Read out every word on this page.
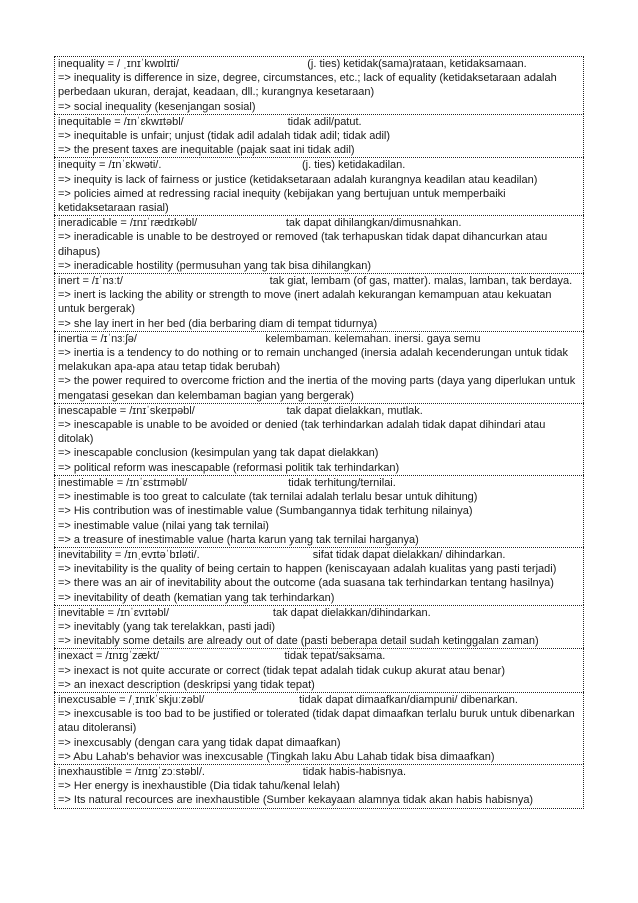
inequality = / ˌɪnɪˈkwɒlɪti/                                          (j. ties) ketidak(sama)rataan, ketidaksamaan.
=> inequality is difference in size, degree, circumstances, etc.; lack of equality (ketidaksetaraan adalah perbedaan ukuran, derajat, keadaan, dll.; kurangnya kesetaraan)
=> social inequality (kesenjangan sosial)
inequitable = /ɪnˈɛkwɪtəbl/                                  tidak adil/patut.
=> inequitable is unfair; unjust (tidak adil adalah tidak adil; tidak adil)
=> the present taxes are inequitable (pajak saat ini tidak adil)
inequity = /ɪnˈɛkwəti/.                                              (j. ties) ketidakadilan.
=> inequity is lack of fairness or justice (ketidaksetaraan adalah kurangnya keadilan atau keadilan)
=> policies aimed at redressing racial inequity (kebijakan yang bertujuan untuk memperbaiki ketidaksetaraan rasial)
ineradicable = /ɪnɪˈrædɪkəbl/                             tak dapat dihilangkan/dimusnahkan.
=> ineradicable is unable to be destroyed or removed (tak terhapuskan tidak dapat dihancurkan atau dihapus)
=> ineradicable hostility (permusuhan yang tak bisa dihilangkan)
inert = /ɪˈnɜːt/                                                tak giat, lembam (of gas, matter). malas, lamban, tak berdaya.
=> inert is lacking the ability or strength to move (inert adalah kekurangan kemampuan atau kekuatan untuk bergerak)
=> she lay inert in her bed (dia berbaring diam di tempat tidurnya)
inertia = /ɪˈnɜːʃə/                                          kelembaman. kelemahan. inersi. gaya semu
=> inertia is a tendency to do nothing or to remain unchanged (inersia adalah kecenderungan untuk tidak melakukan apa-apa atau tetap tidak berubah)
=> the power required to overcome friction and the inertia of the moving parts (daya yang diperlukan untuk mengatasi gesekan dan kelembaman bagian yang bergerak)
inescapable = /ɪnɪˈskeɪpəbl/                              tak dapat dielakkan, mutlak.
=> inescapable is unable to be avoided or denied (tak terhindarkan adalah tidak dapat dihindari atau ditolak)
=> inescapable conclusion (kesimpulan yang tak dapat dielakkan)
=> political reform was inescapable (reformasi politik tak terhindarkan)
inestimable = /ɪnˈɛstɪməbl/                                 tidak terhitung/ternilai.
=> inestimable is too great to calculate (tak ternilai adalah terlalu besar untuk dihitung)
=> His contribution was of inestimable value (Sumbangannya tidak terhitung nilainya)
=> inestimable value (nilai yang tak ternilai)
=> a treasure of inestimable value (harta karun yang tak ternilai harganya)
inevitability = /ɪnˌevɪtəˈbɪləti/.                                     sifat tidak dapat dielakkan/ dihindarkan.
=> inevitability is the quality of being certain to happen (keniscayaan adalah kualitas yang pasti terjadi)
=> there was an air of inevitability about the outcome (ada suasana tak terhindarkan tentang hasilnya)
=> inevitability of death (kematian yang tak terhindarkan)
inevitable = /ɪnˈɛvɪtəbl/                                  tak dapat dielakkan/dihindarkan.
=> inevitably (yang tak terelakkan, pasti jadi)
=> inevitably some details are already out of date (pasti beberapa detail sudah ketinggalan zaman)
inexact = /ɪnɪɡˈzækt/                                         tidak tepat/saksama.
=> inexact is not quite accurate or correct (tidak tepat adalah tidak cukup akurat atau benar)
=> an inexact description (deskripsi yang tidak tepat)
inexcusable = /ˌɪnɪkˈskjuːzəbl/                               tidak dapat dimaafkan/diampuni/ dibenarkan.
=> inexcusable is too bad to be justified or tolerated (tidak dapat dimaafkan terlalu buruk untuk dibenarkan atau ditoleransi)
=> inexcusably (dengan cara yang tidak dapat dimaafkan)
=> Abu Lahab's behavior was inexcusable (Tingkah laku Abu Lahab tidak bisa dimaafkan)
inexhaustible = /ɪnɪɡˈzɔːstəbl/.                                tidak habis-habisnya.
=> Her energy is inexhaustible (Dia tidak tahu/kenal lelah)
=> Its natural recources are inexhaustible (Sumber kekayaan alamnya tidak akan habis habisnya)
